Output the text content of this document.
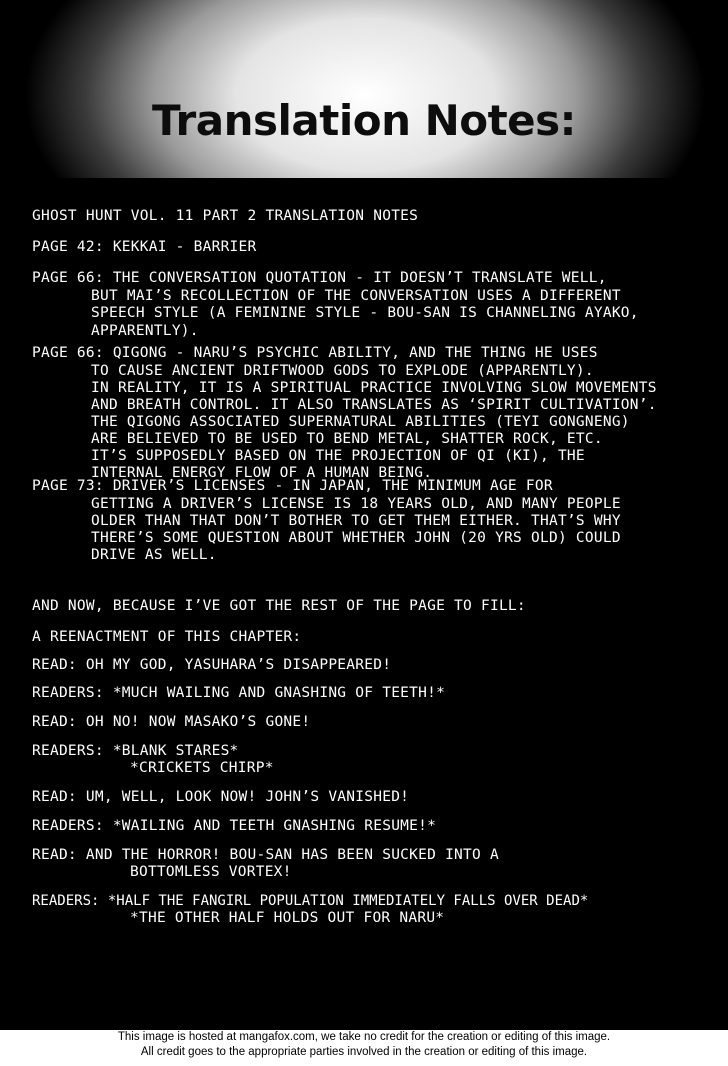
Translation Notes:
GHOST HUNT VOL. 11 PART 2 TRANSLATION NOTES
PAGE 42: KEKKAI - BARRIER
PAGE 66: THE CONVERSATION QUOTATION - IT DOESN’T TRANSLATE WELL,
BUT MAI’S RECOLLECTION OF THE CONVERSATION USES A DIFFERENT
SPEECH STYLE (A FEMININE STYLE - BOU-SAN IS CHANNELING AYAKO,
APPARENTLY).
PAGE 66: QIGONG - NARU’S PSYCHIC ABILITY, AND THE THING HE USES
TO CAUSE ANCIENT DRIFTWOOD GODS TO EXPLODE (APPARENTLY).
IN REALITY, IT IS A SPIRITUAL PRACTICE INVOLVING SLOW MOVEMENTS
AND BREATH CONTROL. IT ALSO TRANSLATES AS ‘SPIRIT CULTIVATION’.
THE QIGONG ASSOCIATED SUPERNATURAL ABILITIES (TEYI GONGNENG)
ARE BELIEVED TO BE USED TO BEND METAL, SHATTER ROCK, ETC.
IT’S SUPPOSEDLY BASED ON THE PROJECTION OF QI (KI), THE
INTERNAL ENERGY FLOW OF A HUMAN BEING.
PAGE 73: DRIVER’S LICENSES - IN JAPAN, THE MINIMUM AGE FOR
GETTING A DRIVER’S LICENSE IS 18 YEARS OLD, AND MANY PEOPLE
OLDER THAN THAT DON’T BOTHER TO GET THEM EITHER. THAT’S WHY
THERE’S SOME QUESTION ABOUT WHETHER JOHN (20 YRS OLD) COULD
DRIVE AS WELL.
AND NOW, BECAUSE I’VE GOT THE REST OF THE PAGE TO FILL:
A REENACTMENT OF THIS CHAPTER:
READ: OH MY GOD, YASUHARA’S DISAPPEARED!
READERS: *MUCH WAILING AND GNASHING OF TEETH!*
READ: OH NO! NOW MASAKO’S GONE!
READERS: *BLANK STARES*
*CRICKETS CHIRP*
READ: UM, WELL, LOOK NOW! JOHN’S VANISHED!
READERS: *WAILING AND TEETH GNASHING RESUME!*
READ: AND THE HORROR! BOU-SAN HAS BEEN SUCKED INTO A
BOTTOMLESS VORTEX!
READERS: *HALF THE FANGIRL POPULATION IMMEDIATELY FALLS OVER DEAD*
*THE OTHER HALF HOLDS OUT FOR NARU*
This image is hosted at mangafox.com, we take no credit for the creation or editing of this image.
All credit goes to the appropriate parties involved in the creation or editing of this image.
